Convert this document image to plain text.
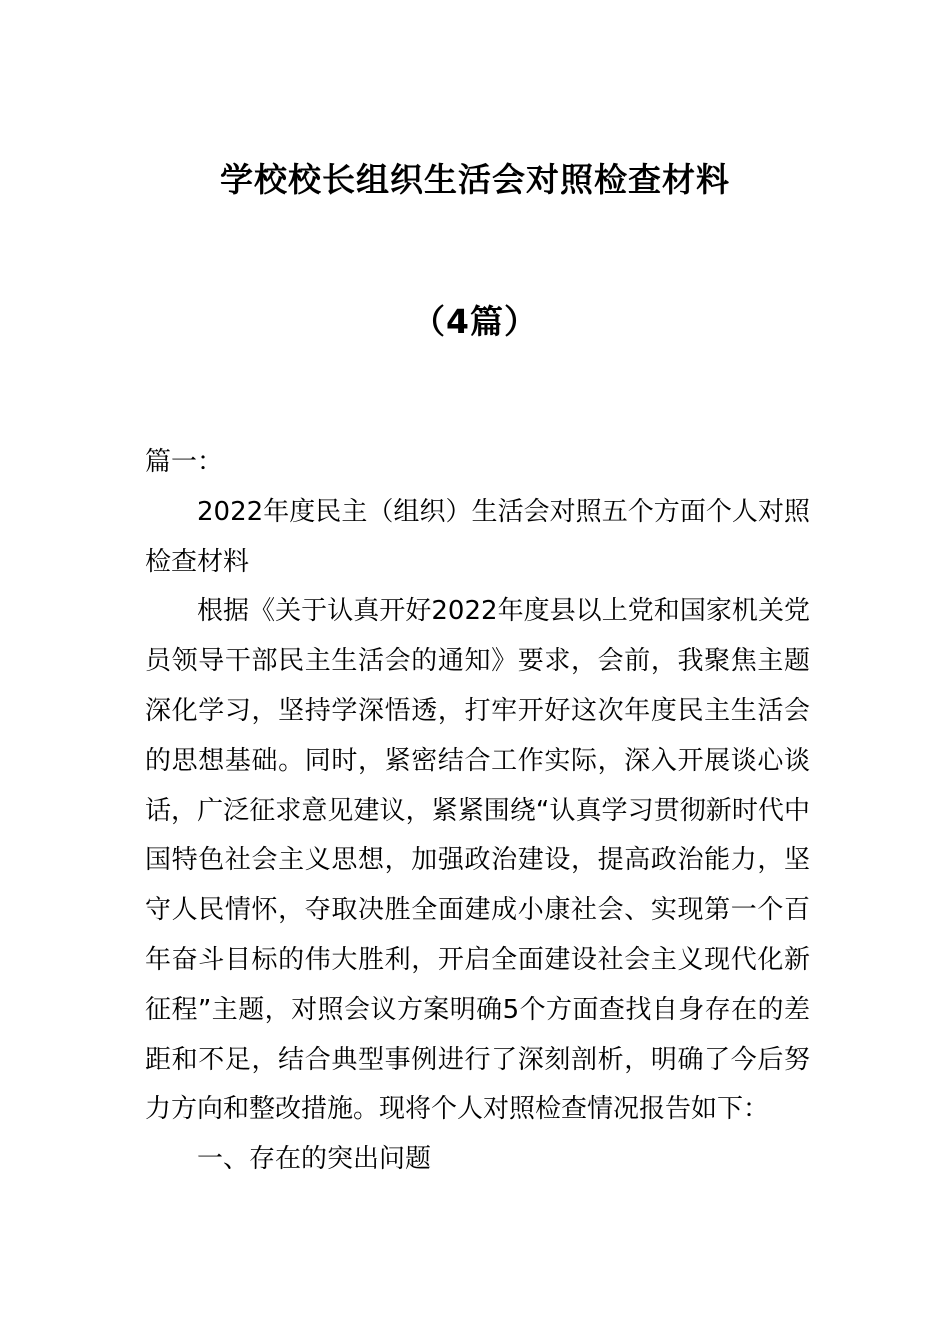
学校校长组织生活会对照检查材料
（4篇）

篇一：

2022年度民主（组织）生活会对照五个方面个人对照检查材料

根据《关于认真开好2022年度县以上党和国家机关党员领导干部民主生活会的通知》要求，会前，我聚焦主题深化学习，坚持学深悟透，打牢开好这次年度民主生活会的思想基础。同时，紧密结合工作实际，深入开展谈心谈话，广泛征求意见建议，紧紧围绕“认真学习贯彻新时代中国特色社会主义思想，加强政治建设，提高政治能力，坚守人民情怀，夺取决胜全面建成小康社会、实现第一个百年奋斗目标的伟大胜利，开启全面建设社会主义现代化新征程”主题，对照会议方案明确5个方面查找自身存在的差距和不足，结合典型事例进行了深刻剖析，明确了今后努力方向和整改措施。现将个人对照检查情况报告如下：

一、存在的突出问题
